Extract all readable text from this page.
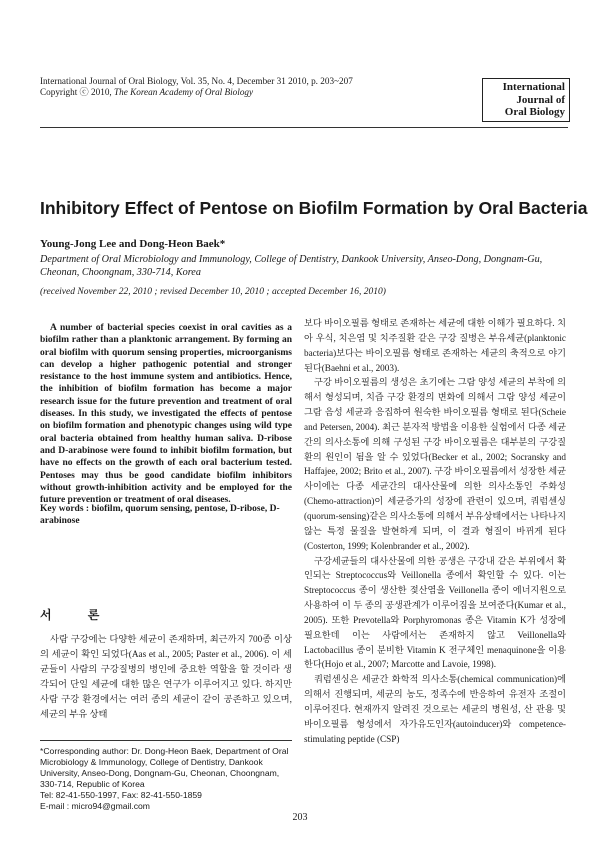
International Journal of Oral Biology, Vol. 35, No. 4, December 31 2010, p. 203~207
Copyright ⓒ 2010, The Korean Academy of Oral Biology	International
Journal of
Oral Biology
Inhibitory Effect of Pentose on Biofilm Formation by Oral Bacteria
Young-Jong Lee and Dong-Heon Baek*
Department of Oral Microbiology and Immunology, College of Dentistry, Dankook University, Anseo-Dong, Dongnam-Gu, Cheonan, Choongnam, 330-714, Korea
(received November 22, 2010 ; revised December 10, 2010 ; accepted December 16, 2010)

A number of bacterial species coexist in oral cavities as a biofilm rather than a planktonic arrangement. By forming an oral biofilm with quorum sensing properties, microorganisms can develop a higher pathogenic potential and stronger resistance to the host immune system and antibiotics. Hence, the inhibition of biofilm formation has become a major research issue for the future prevention and treatment of oral diseases. In this study, we investigated the effects of pentose on biofilm formation and phenotypic changes using wild type oral bacteria obtained from healthy human saliva. D-ribose and D-arabinose were found to inhibit biofilm formation, but have no effects on the growth of each oral bacterium tested. Pentoses may thus be good candidate biofilm inhibitors without growth-inhibition activity and be employed for the future prevention or treatment of oral diseases.

Key words : biofilm, quorum sensing, pentose, D-ribose, D-arabinose

서 론

사람 구강에는 다양한 세균이 존재하며, 최근까지 700종 이상의 세균이 확인 되었다(Aas et al., 2005; Paster et al., 2006). 이 세균들이 사람의 구강질병의 병인에 중요한 역할을 할 것이라 생각되어 단일 세균에 대한 많은 연구가 이루어지고 있다. 하지만 사람 구강 환경에서는 여러 종의 세균이 같이 공존하고 있으며, 세균의 부유 상태

*Corresponding author: Dr. Dong-Heon Baek, Department of Oral Microbiology & Immunology, College of Dentistry, Dankook University, Anseo-Dong, Dongnam-Gu, Cheonan, Choongnam, 330-714, Republic of Korea
Tel: 82-41-550-1997, Fax: 82-41-550-1859
E-mail : micro94@gmail.com

보다 바이오필름 형태로 존재하는 세균에 대한 이해가 필요하다. 치아 우식, 치은염 및 치주질환 같은 구강 질병은 부유세균(planktonic bacteria)보다는 바이오필름 형태로 존재하는 세균의 축적으로 야기된다(Baehni et al., 2003).

구강 바이오필름의 생성은 초기에는 그람 양성 세균의 부착에 의해서 형성되며, 치즙 구강 환경의 변화에 의해서 그람 양성 세균이 그람 음성 세균과 응집하여 원숙한 바이오필름 형태로 된다(Scheie and Petersen, 2004). 최근 분자적 방법을 이용한 실험에서 다종 세균간의 의사소통에 의해 구성된 구강 바이오필름은 대부분의 구강질환의 원인이 됨을 알 수 있었다(Becker et al., 2002; Socransky and Haffajee, 2002; Brito et al., 2007). 구강 바이오필름에서 성장한 세균 사이에는 다종 세균간의 대사산물에 의한 의사소통인 주화성(Chemo-attraction)이 세균증가의 성장에 관련이 있으며, 쿼럼센싱(quorum-sensing)같은 의사소통에 의해서 부유상태에서는 나타나지 않는 특정 물질을 발현하게 되며, 이 결과 형질이 바뀌게 된다(Costerton, 1999; Kolenbrander et al., 2002).

구강세균들의 대사산물에 의한 공생은 구강내 같은 부위에서 확인되는 Streptococcus와 Veillonella 종에서 확인할 수 있다. 이는 Streptococcus 종이 생산한 젖산염을 Veillonella 종이 에너지원으로 사용하여 이 두 종의 공생관계가 이루어짐을 보여준다(Kumar et al., 2005). 또한 Prevotella와 Porphyromonas 종은 Vitamin K가 성장에 필요한데 이는 사람에서는 존재하지 않고 Veillonella와 Lactobacillus 종이 분비한 Vitamin K 전구체인 menaquinone을 이용한다(Hojo et al., 2007; Marcotte and Lavoie, 1998).

쿼럼센싱은 세균간 화학적 의사소통(chemical communication)에 의해서 진행되며, 세균의 농도, 정족수에 반응하여 유전자 조절이 이루어진다. 현재까지 알려진 것으로는 세균의 병원성, 산 관용 및 바이오필름 형성에서 자가유도인자(autoinducer)와 competence-stimulating peptide (CSP)

203
